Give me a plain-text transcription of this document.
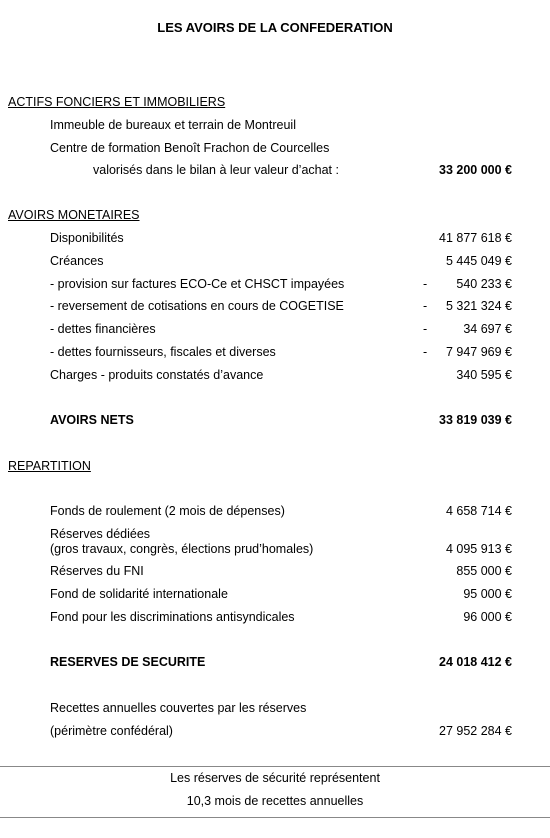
LES AVOIRS DE LA CONFEDERATION
ACTIFS FONCIERS ET IMMOBILIERS
Immeuble de bureaux et terrain de Montreuil
Centre de formation Benoît Frachon de Courcelles
valorisés dans le bilan à leur valeur d’achat :	33 200 000 €
AVOIRS MONETAIRES
Disponibilités	41 877 618 €
Créances	5 445 049 €
- provision sur factures ECO-Ce et CHSCT impayées	- 540 233 €
- reversement de cotisations en cours de COGETISE	- 5 321 324 €
- dettes financières	-	34 697 €
- dettes fournisseurs, fiscales et diverses	- 7 947 969 €
Charges - produits constatés d’avance	340 595 €
AVOIRS NETS	33 819 039 €
REPARTITION
Fonds de roulement (2 mois de dépenses)	4 658 714 €
Réserves dédiées
(gros travaux, congrès, élections prud’homales)	4 095 913 €
Réserves du FNI	855 000 €
Fond de solidarité internationale	95 000 €
Fond pour les discriminations antisyndicales	96 000 €
RESERVES DE SECURITE	24 018 412 €
Recettes annuelles couvertes par les réserves
(périmètre confédéral)	27 952 284 €
Les réserves de sécurité représentent
10,3 mois de recettes annuelles
